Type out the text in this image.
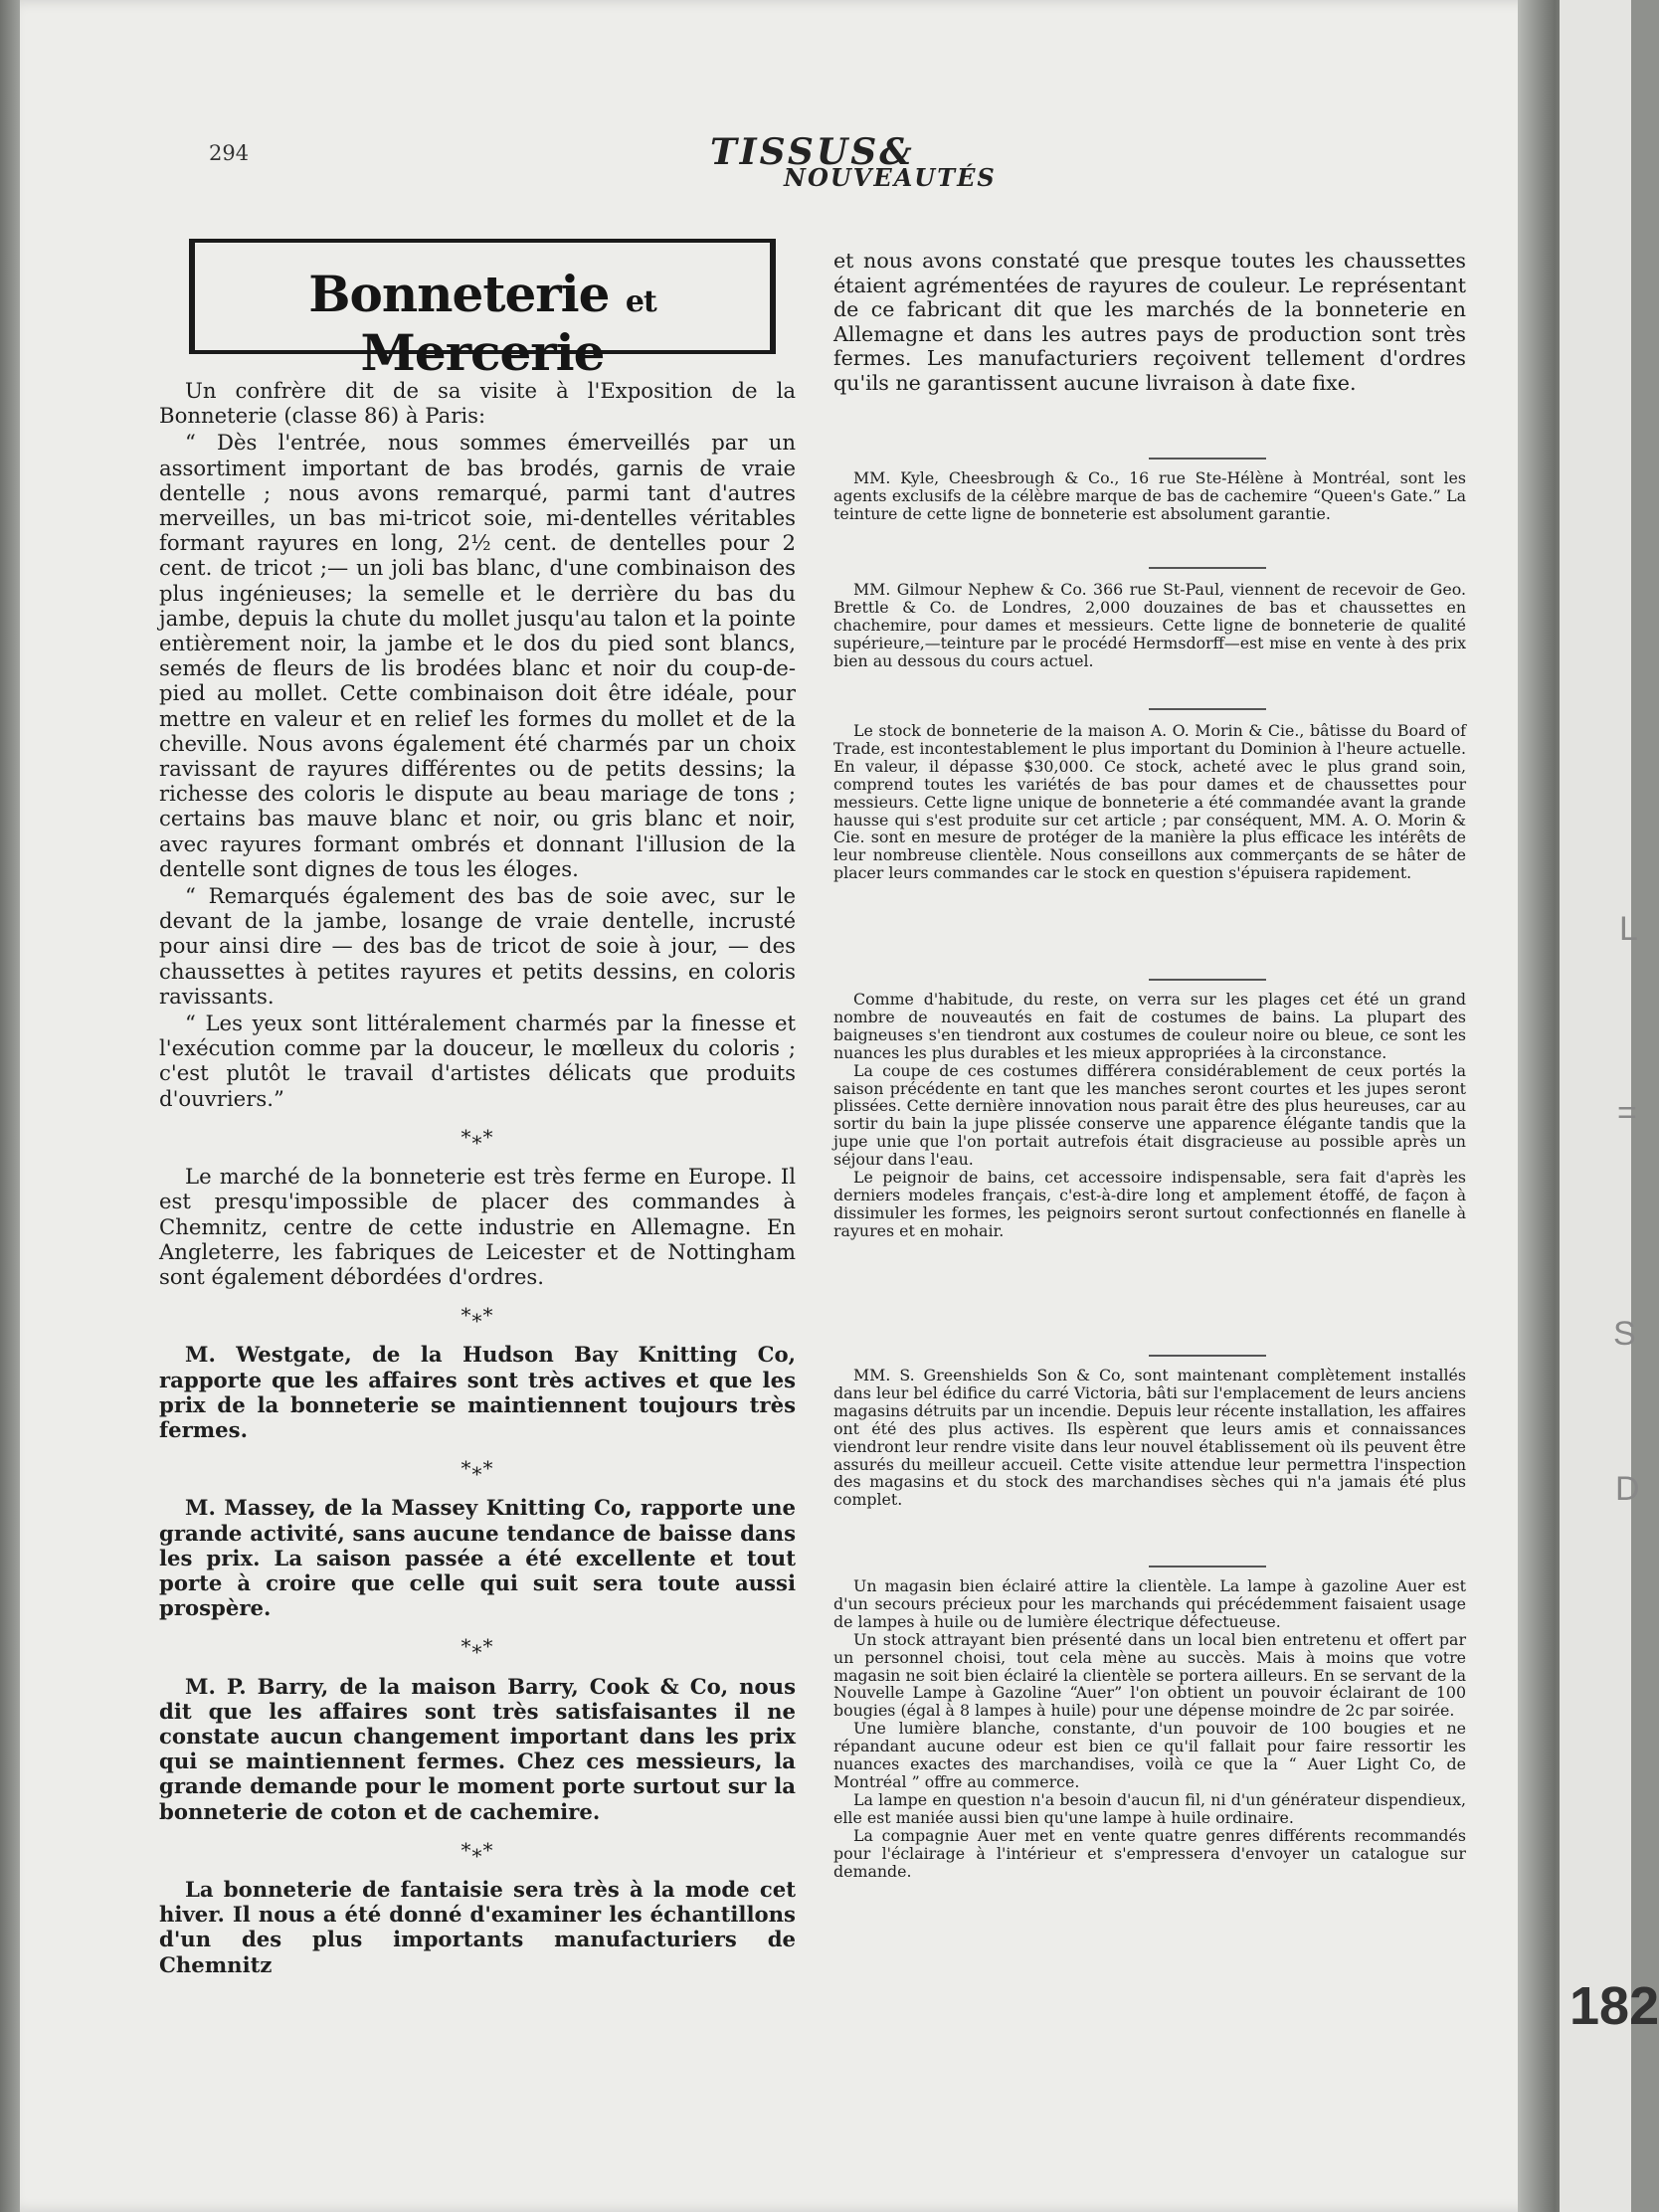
L
=
S
D
182
294	TISSUS&
NOUVEAUTÉS
Bonneterie et Mercerie

Un confrère dit de sa visite à l'Exposition de la Bonneterie (classe 86) à Paris:

“ Dès l'entrée, nous sommes émerveillés par un assortiment important de bas brodés, garnis de vraie dentelle ; nous avons remarqué, parmi tant d'autres merveilles, un bas mi-tricot soie, mi-dentelles véritables formant rayures en long, 2½ cent. de dentelles pour 2 cent. de tricot ;— un joli bas blanc, d'une combinaison des plus ingénieuses; la semelle et le derrière du bas du jambe, depuis la chute du mollet jusqu'au talon et la pointe entièrement noir, la jambe et le dos du pied sont blancs, semés de fleurs de lis brodées blanc et noir du coup-de-pied au mollet. Cette combinaison doit être idéale, pour mettre en valeur et en relief les formes du mollet et de la cheville. Nous avons également été charmés par un choix ravissant de rayures différentes ou de petits dessins; la richesse des coloris le dispute au beau mariage de tons ; certains bas mauve blanc et noir, ou gris blanc et noir, avec rayures formant ombrés et donnant l'illusion de la dentelle sont dignes de tous les éloges.

“ Remarqués également des bas de soie avec, sur le devant de la jambe, losange de vraie dentelle, incrusté pour ainsi dire — des bas de tricot de soie à jour, — des chaussettes à petites rayures et petits dessins, en coloris ravissants.

“ Les yeux sont littéralement charmés par la finesse et l'exécution comme par la douceur, le mœlleux du coloris ; c'est plutôt le travail d'artistes délicats que produits d'ouvriers.”

*⁎*

Le marché de la bonneterie est très ferme en Europe. Il est presqu'impossible de placer des commandes à Chemnitz, centre de cette industrie en Allemagne. En Angleterre, les fabriques de Leicester et de Nottingham sont également débordées d'ordres.

*⁎*

M. Westgate, de la Hudson Bay Knitting Co, rapporte que les affaires sont très actives et que les prix de la bonneterie se maintiennent toujours très fermes.

*⁎*

M. Massey, de la Massey Knitting Co, rapporte une grande activité, sans aucune tendance de baisse dans les prix. La saison passée a été excellente et tout porte à croire que celle qui suit sera toute aussi prospère.

*⁎*

M. P. Barry, de la maison Barry, Cook & Co, nous dit que les affaires sont très satisfaisantes il ne constate aucun changement important dans les prix qui se maintiennent fermes. Chez ces messieurs, la grande demande pour le moment porte surtout sur la bonneterie de coton et de cachemire.

*⁎*

La bonneterie de fantaisie sera très à la mode cet hiver. Il nous a été donné d'examiner les échantillons d'un des plus importants manufacturiers de Chemnitz

et nous avons constaté que presque toutes les chaussettes étaient agrémentées de rayures de couleur. Le représentant de ce fabricant dit que les marchés de la bonneterie en Allemagne et dans les autres pays de production sont très fermes. Les manufacturiers reçoivent tellement d'ordres qu'ils ne garantissent aucune livraison à date fixe.

MM. Kyle, Cheesbrough & Co., 16 rue Ste-Hélène à Montréal, sont les agents exclusifs de la célèbre marque de bas de cachemire “Queen's Gate.” La teinture de cette ligne de bonneterie est absolument garantie.

MM. Gilmour Nephew & Co. 366 rue St-Paul, viennent de recevoir de Geo. Brettle & Co. de Londres, 2,000 douzaines de bas et chaussettes en chachemire, pour dames et messieurs. Cette ligne de bonneterie de qualité supérieure,—teinture par le procédé Hermsdorff—est mise en vente à des prix bien au dessous du cours actuel.

Le stock de bonneterie de la maison A. O. Morin & Cie., bâtisse du Board of Trade, est incontestablement le plus important du Dominion à l'heure actuelle. En valeur, il dépasse $30,000. Ce stock, acheté avec le plus grand soin, comprend toutes les variétés de bas pour dames et de chaussettes pour messieurs. Cette ligne unique de bonneterie a été commandée avant la grande hausse qui s'est produite sur cet article ; par conséquent, MM. A. O. Morin & Cie. sont en mesure de protéger de la manière la plus efficace les intérêts de leur nombreuse clientèle. Nous conseillons aux commerçants de se hâter de placer leurs commandes car le stock en question s'épuisera rapidement.

Comme d'habitude, du reste, on verra sur les plages cet été un grand nombre de nouveautés en fait de costumes de bains. La plupart des baigneuses s'en tiendront aux costumes de couleur noire ou bleue, ce sont les nuances les plus durables et les mieux appropriées à la circonstance.

La coupe de ces costumes différera considérablement de ceux portés la saison précédente en tant que les manches seront courtes et les jupes seront plissées. Cette dernière innovation nous parait être des plus heureuses, car au sortir du bain la jupe plissée conserve une apparence élégante tandis que la jupe unie que l'on portait autrefois était disgracieuse au possible après un séjour dans l'eau.

Le peignoir de bains, cet accessoire indispensable, sera fait d'après les derniers modeles français, c'est-à-dire long et amplement étoffé, de façon à dissimuler les formes, les peignoirs seront surtout confectionnés en flanelle à rayures et en mohair.

MM. S. Greenshields Son & Co, sont maintenant complètement installés dans leur bel édifice du carré Victoria, bâti sur l'emplacement de leurs anciens magasins détruits par un incendie. Depuis leur récente installation, les affaires ont été des plus actives. Ils espèrent que leurs amis et connaissances viendront leur rendre visite dans leur nouvel établissement où ils peuvent être assurés du meilleur accueil. Cette visite attendue leur permettra l'inspection des magasins et du stock des marchandises sèches qui n'a jamais été plus complet.

Un magasin bien éclairé attire la clientèle. La lampe à gazoline Auer est d'un secours précieux pour les marchands qui précédemment faisaient usage de lampes à huile ou de lumière électrique défectueuse.

Un stock attrayant bien présenté dans un local bien entretenu et offert par un personnel choisi, tout cela mène au succès. Mais à moins que votre magasin ne soit bien éclairé la clientèle se portera ailleurs. En se servant de la Nouvelle Lampe à Gazoline “Auer” l'on obtient un pouvoir éclairant de 100 bougies (égal à 8 lampes à huile) pour une dépense moindre de 2c par soirée.

Une lumière blanche, constante, d'un pouvoir de 100 bougies et ne répandant aucune odeur est bien ce qu'il fallait pour faire ressortir les nuances exactes des marchandises, voilà ce que la “ Auer Light Co, de Montréal ” offre au commerce.

La lampe en question n'a besoin d'aucun fil, ni d'un générateur dispendieux, elle est maniée aussi bien qu'une lampe à huile ordinaire.

La compagnie Auer met en vente quatre genres différents recommandés pour l'éclairage à l'intérieur et s'empressera d'envoyer un catalogue sur demande.
